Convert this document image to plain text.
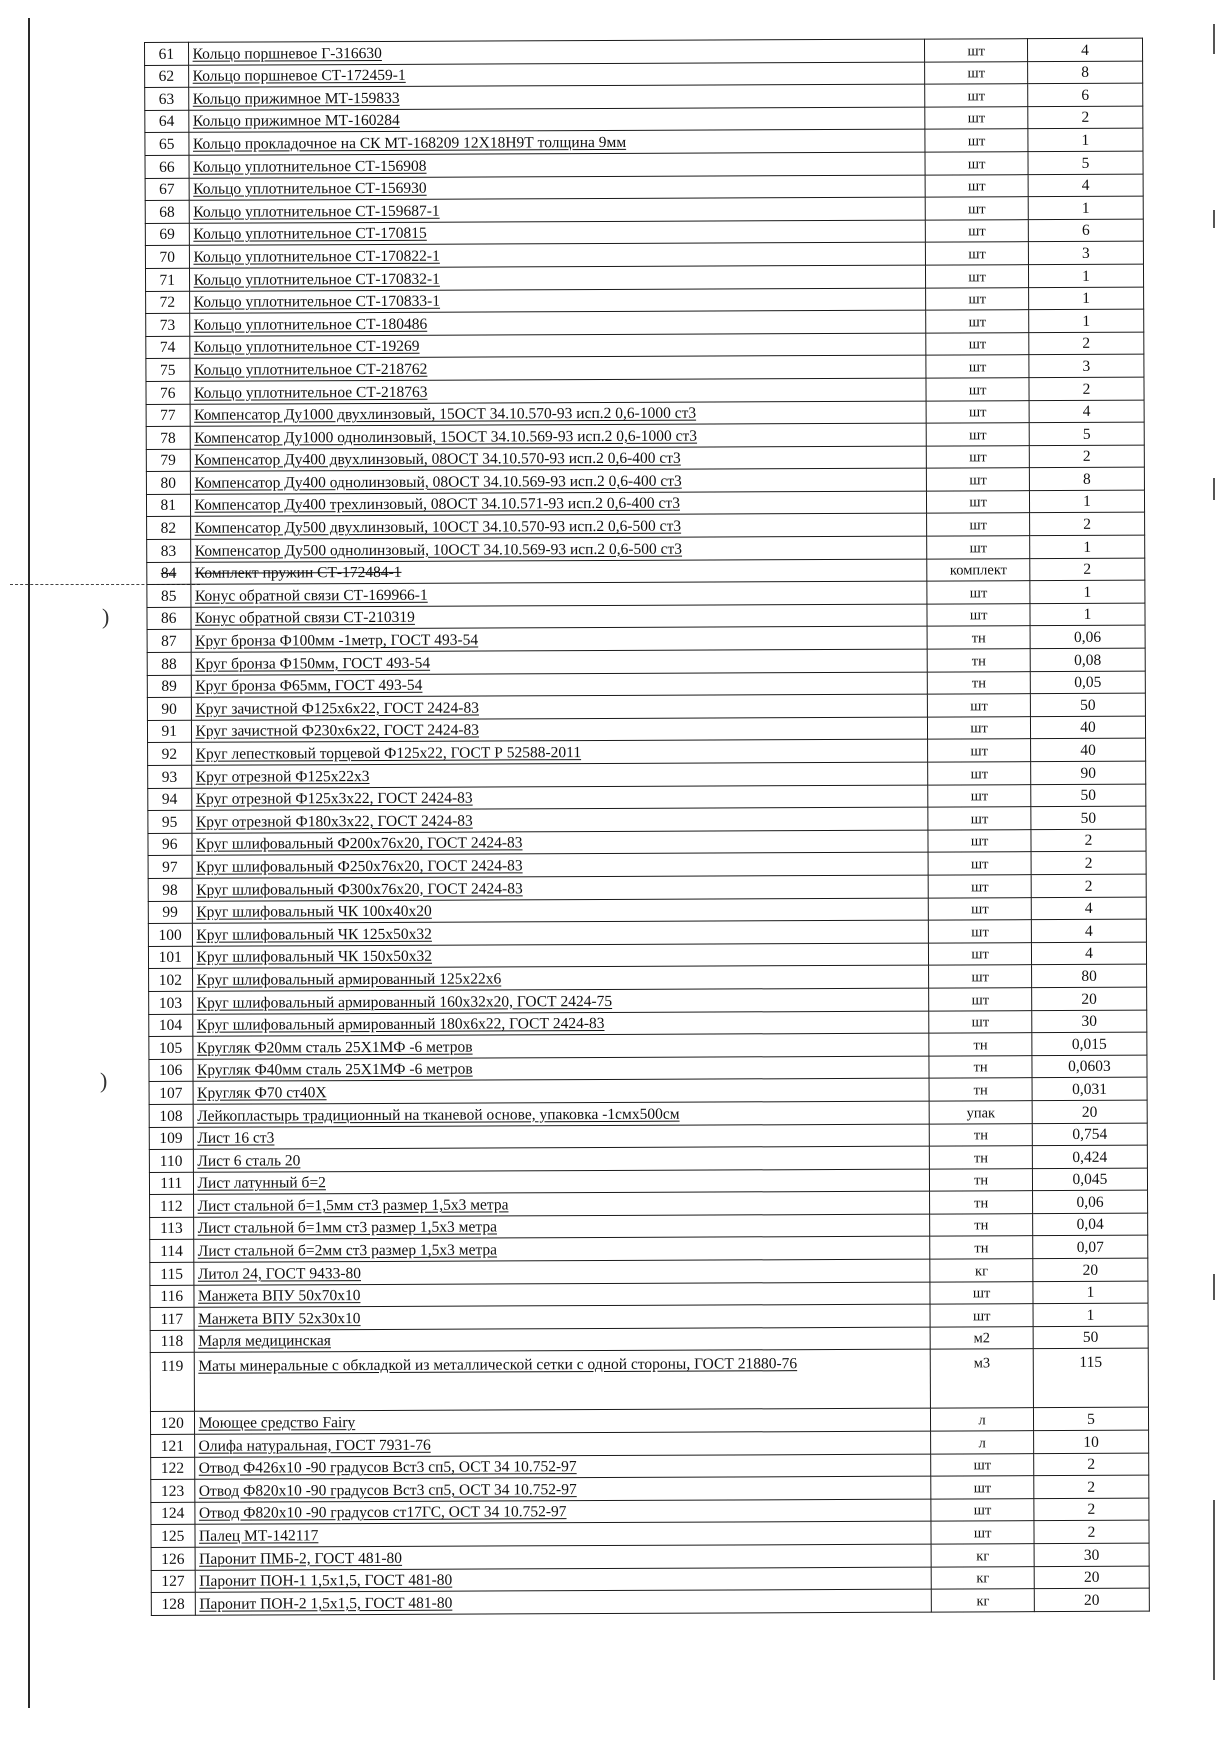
)
)
61	Кольцо поршневое Г-316630	шт	4
62	Кольцо поршневое СТ-172459-1	шт	8
63	Кольцо прижимное МТ-159833	шт	6
64	Кольцо прижимное МТ-160284	шт	2
65	Кольцо прокладочное на СК МТ-168209 12Х18Н9Т толщина 9мм	шт	1
66	Кольцо уплотнительное СТ-156908	шт	5
67	Кольцо уплотнительное СТ-156930	шт	4
68	Кольцо уплотнительное СТ-159687-1	шт	1
69	Кольцо уплотнительное СТ-170815	шт	6
70	Кольцо уплотнительное СТ-170822-1	шт	3
71	Кольцо уплотнительное СТ-170832-1	шт	1
72	Кольцо уплотнительное СТ-170833-1	шт	1
73	Кольцо уплотнительное СТ-180486	шт	1
74	Кольцо уплотнительное СТ-19269	шт	2
75	Кольцо уплотнительное СТ-218762	шт	3
76	Кольцо уплотнительное СТ-218763	шт	2
77	Компенсатор Ду1000 двухлинзовый, 15ОСТ 34.10.570-93 исп.2 0,6-1000 ст3	шт	4
78	Компенсатор Ду1000 однолинзовый, 15ОСТ 34.10.569-93 исп.2 0,6-1000 ст3	шт	5
79	Компенсатор Ду400 двухлинзовый, 08ОСТ 34.10.570-93 исп.2 0,6-400 ст3	шт	2
80	Компенсатор Ду400 однолинзовый, 08ОСТ 34.10.569-93 исп.2 0,6-400 ст3	шт	8
81	Компенсатор Ду400 трехлинзовый, 08ОСТ 34.10.571-93 исп.2 0,6-400 ст3	шт	1
82	Компенсатор Ду500 двухлинзовый, 10ОСТ 34.10.570-93 исп.2 0,6-500 ст3	шт	2
83	Компенсатор Ду500 однолинзовый, 10ОСТ 34.10.569-93 исп.2 0,6-500 ст3	шт	1
84	Комплект пружин СТ-172484-1	комплект	2
85	Конус обратной связи СТ-169966-1	шт	1
86	Конус обратной связи СТ-210319	шт	1
87	Круг бронза Ф100мм -1метр, ГОСТ 493-54	тн	0,06
88	Круг бронза Ф150мм, ГОСТ 493-54	тн	0,08
89	Круг бронза Ф65мм, ГОСТ 493-54	тн	0,05
90	Круг зачистной Ф125х6х22, ГОСТ 2424-83	шт	50
91	Круг зачистной Ф230х6х22, ГОСТ 2424-83	шт	40
92	Круг лепестковый торцевой Ф125х22, ГОСТ Р 52588-2011	шт	40
93	Круг отрезной Ф125х22х3	шт	90
94	Круг отрезной Ф125х3х22, ГОСТ 2424-83	шт	50
95	Круг отрезной Ф180х3х22, ГОСТ 2424-83	шт	50
96	Круг шлифовальный Ф200х76х20, ГОСТ 2424-83	шт	2
97	Круг шлифовальный Ф250х76х20, ГОСТ 2424-83	шт	2
98	Круг шлифовальный Ф300х76х20, ГОСТ 2424-83	шт	2
99	Круг шлифовальный ЧК 100х40х20	шт	4
100	Круг шлифовальный ЧК 125х50х32	шт	4
101	Круг шлифовальный ЧК 150х50х32	шт	4
102	Круг шлифовальный армированный 125х22х6	шт	80
103	Круг шлифовальный армированный 160х32х20, ГОСТ 2424-75	шт	20
104	Круг шлифовальный армированный 180х6х22, ГОСТ 2424-83	шт	30
105	Кругляк Ф20мм сталь 25Х1МФ -6 метров	тн	0,015
106	Кругляк Ф40мм сталь 25Х1МФ -6 метров	тн	0,0603
107	Кругляк Ф70 ст40Х	тн	0,031
108	Лейкопластырь традиционный на тканевой основе, упаковка -1смх500см	упак	20
109	Лист 16 ст3	тн	0,754
110	Лист 6 сталь 20	тн	0,424
111	Лист латунный б=2	тн	0,045
112	Лист стальной б=1,5мм ст3 размер 1,5х3 метра	тн	0,06
113	Лист стальной б=1мм ст3 размер 1,5х3 метра	тн	0,04
114	Лист стальной б=2мм ст3 размер 1,5х3 метра	тн	0,07
115	Литол 24, ГОСТ 9433-80	кг	20
116	Манжета ВПУ 50х70х10	шт	1
117	Манжета ВПУ 52х30х10	шт	1
118	Марля медицинская	м2	50
119	Маты минеральные с обкладкой из металлической сетки с одной стороны, ГОСТ 21880-76	м3	115
120	Моющее средство Fairy	л	5
121	Олифа натуральная, ГОСТ 7931-76	л	10
122	Отвод Ф426х10 -90 градусов Вст3 сп5, ОСТ 34 10.752-97	шт	2
123	Отвод Ф820х10 -90 градусов Вст3 сп5, ОСТ 34 10.752-97	шт	2
124	Отвод Ф820х10 -90 градусов ст17ГС, ОСТ 34 10.752-97	шт	2
125	Палец МТ-142117	шт	2
126	Паронит ПМБ-2, ГОСТ 481-80	кг	30
127	Паронит ПОН-1 1,5х1,5, ГОСТ 481-80	кг	20
128	Паронит ПОН-2 1,5х1,5, ГОСТ 481-80	кг	20
